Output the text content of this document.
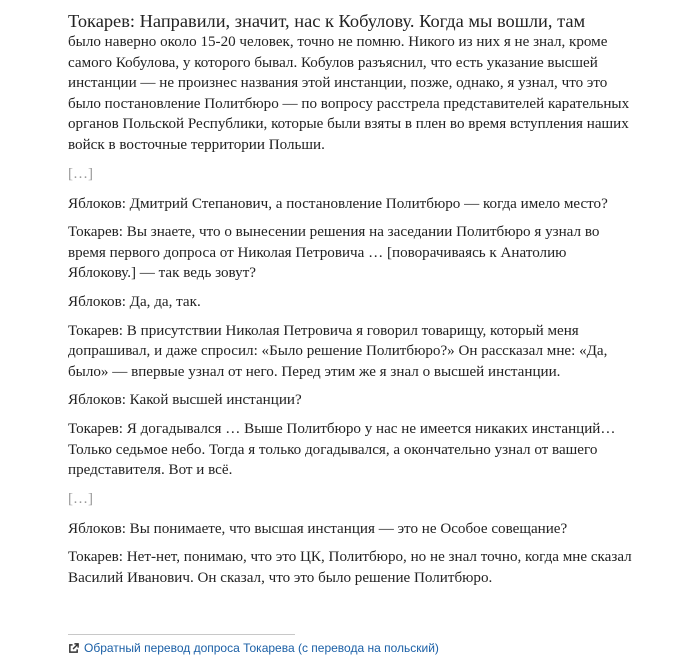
Токарев: Направили, значит, нас к Кобулову. Когда мы вошли, там
было наверно около 15-20 человек, точно не помню. Никого из них я не знал, кроме самого Кобулова, у которого бывал. Кобулов разъяснил, что есть указание высшей инстанции — не произнес названия этой инстанции, позже, однако, я узнал, что это было постановление Политбюро — по вопросу расстрела представителей карательных органов Польской Республики, которые были взяты в плен во время вступления наших войск в восточные территории Польши.

[…]

Яблоков: Дмитрий Степанович, а постановление Политбюро — когда имело место?

Токарев: Вы знаете, что о вынесении решения на заседании Политбюро я узнал во время первого допроса от Николая Петровича … [поворачиваясь к Анатолию Яблокову.] — так ведь зовут?

Яблоков: Да, да, так.

Токарев: В присутствии Николая Петровича я говорил товарищу, который меня допрашивал, и даже спросил: «Было решение Политбюро?» Он рассказал мне: «Да, было» — впервые узнал от него. Перед этим же я знал о высшей инстанции.

Яблоков: Какой высшей инстанции?

Токарев: Я догадывался … Выше Политбюро у нас не имеется никаких инстанций… Только седьмое небо. Тогда я только догадывался, а окончательно узнал от вашего представителя. Вот и всё.

[…]

Яблоков: Вы понимаете, что высшая инстанция — это не Особое совещание?

Токарев: Нет-нет, понимаю, что это ЦК, Политбюро, но не знал точно, когда мне сказал Василий Иванович. Он сказал, что это было решение Политбюро.

Обратный перевод допроса Токарева (с перевода на польский)
